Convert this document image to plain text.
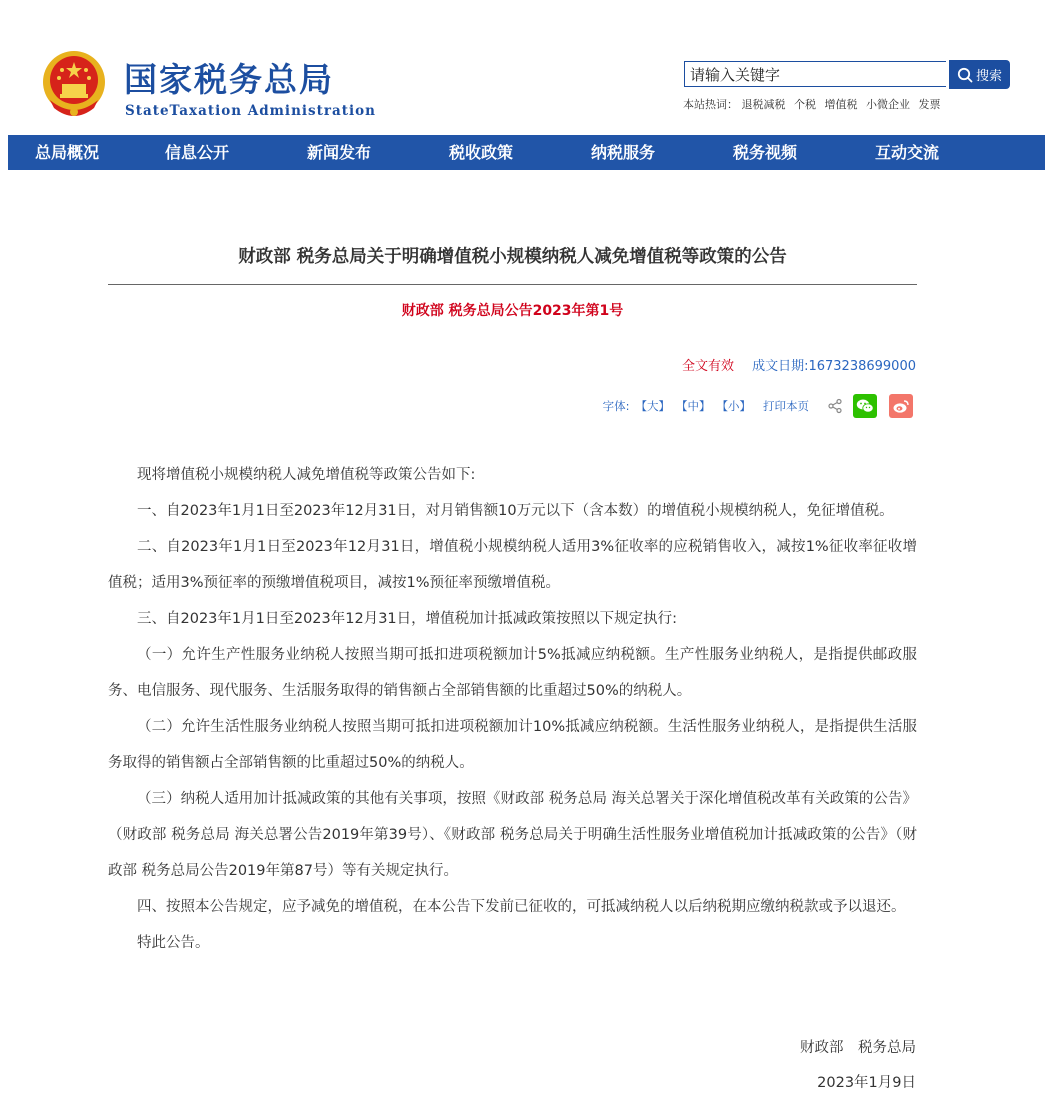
国家税务总局
StateTaxation Administration
请输入关键字
搜索
本站热词： 退税减税 个税 增值税 小微企业 发票
总局概况	信息公开	新闻发布	税收政策	纳税服务	税务视频	互动交流
财政部 税务总局关于明确增值税小规模纳税人减免增值税等政策的公告
财政部 税务总局公告2023年第1号
全文有效 成文日期:1673238699000
字体: 【大】 【中】 【小】 打印本页

现将增值税小规模纳税人减免增值税等政策公告如下:

一、自2023年1月1日至2023年12月31日，对月销售额10万元以下（含本数）的增值税小规模纳税人，免征增值税。

二、自2023年1月1日至2023年12月31日，增值税小规模纳税人适用3%征收率的应税销售收入，减按1%征收率征收增值税；适用3%预征率的预缴增值税项目，减按1%预征率预缴增值税。

三、自2023年1月1日至2023年12月31日，增值税加计抵减政策按照以下规定执行:

（一）允许生产性服务业纳税人按照当期可抵扣进项税额加计5%抵减应纳税额。生产性服务业纳税人，是指提供邮政服务、电信服务、现代服务、生活服务取得的销售额占全部销售额的比重超过50%的纳税人。

（二）允许生活性服务业纳税人按照当期可抵扣进项税额加计10%抵减应纳税额。生活性服务业纳税人，是指提供生活服务取得的销售额占全部销售额的比重超过50%的纳税人。

（三）纳税人适用加计抵减政策的其他有关事项，按照《财政部 税务总局 海关总署关于深化增值税改革有关政策的公告》（财政部 税务总局 海关总署公告2019年第39号）、《财政部 税务总局关于明确生活性服务业增值税加计抵减政策的公告》（财政部 税务总局公告2019年第87号）等有关规定执行。

四、按照本公告规定，应予减免的增值税，在本公告下发前已征收的，可抵减纳税人以后纳税期应缴纳税款或予以退还。

特此公告。

财政部　税务总局
2023年1月9日
